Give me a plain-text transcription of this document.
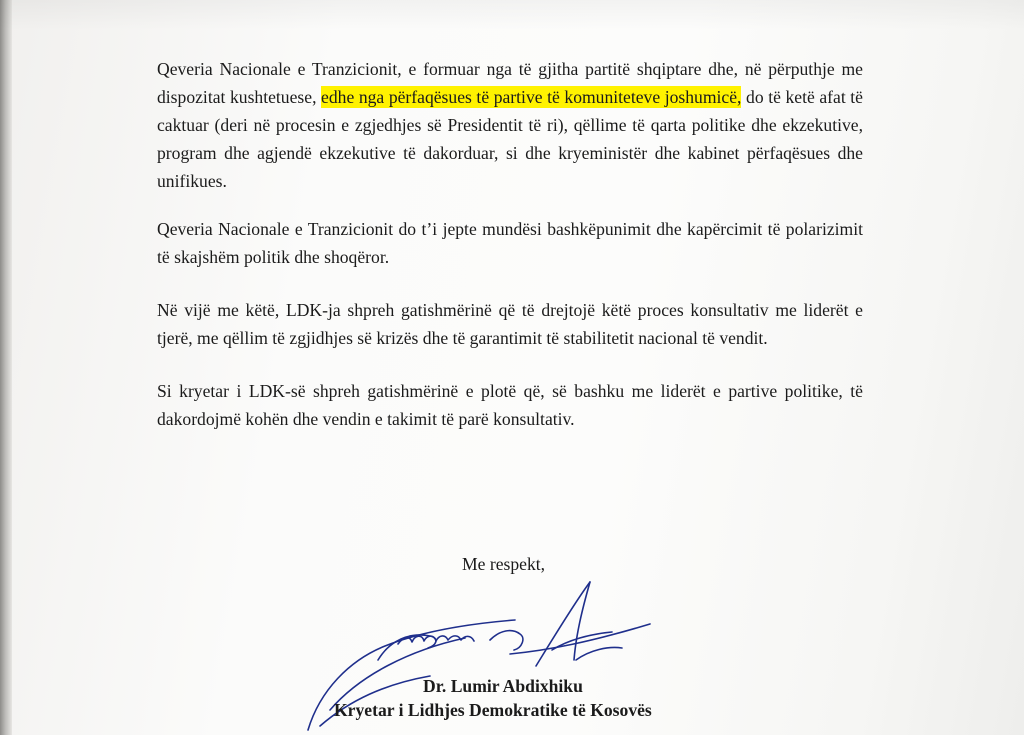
Qeveria Nacionale e Tranzicionit, e formuar nga të gjitha partitë shqiptare dhe, në përputhje me dispozitat kushtetuese, edhe nga përfaqësues të partive të komuniteteve joshumicë, do të ketë afat të caktuar (deri në procesin e zgjedhjes së Presidentit të ri), qëllime të qarta politike dhe ekzekutive, program dhe agjendë ekzekutive të dakorduar, si dhe kryeministër dhe kabinet përfaqësues dhe unifikues.

Qeveria Nacionale e Tranzicionit do t’i jepte mundësi bashkëpunimit dhe kapërcimit të polarizimit të skajshëm politik dhe shoqëror.

Në vijë me këtë, LDK-ja shpreh gatishmërinë që të drejtojë këtë proces konsultativ me liderët e tjerë, me qëllim të zgjidhjes së krizës dhe të garantimit të stabilitetit nacional të vendit.

Si kryetar i LDK-së shpreh gatishmërinë e plotë që, së bashku me liderët e partive politike, të dakordojmë kohën dhe vendin e takimit të parë konsultativ.

Me respekt,

Dr. Lumir Abdixhiku

Kryetar i Lidhjes Demokratike të Kosovës
